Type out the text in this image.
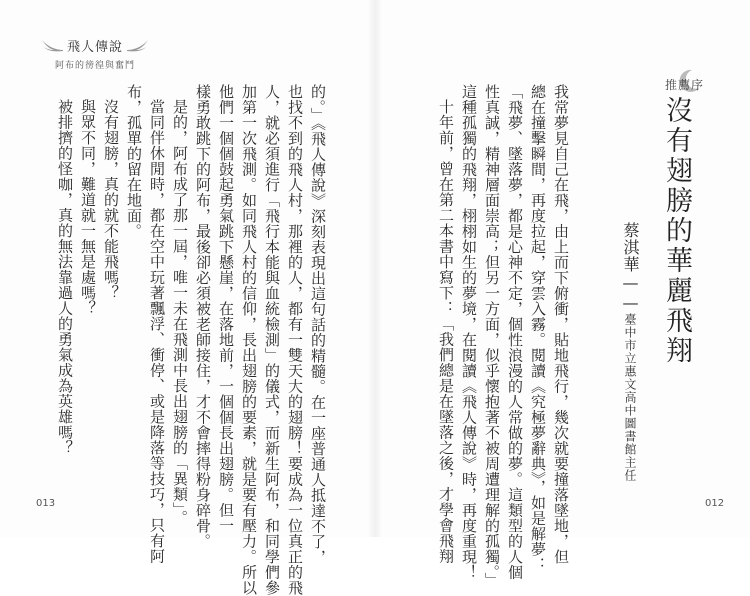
飛人傳說
阿布的徬徨與奮鬥
的。」《飛人傳說》深刻表現出這句話的精髓。在一座普通人抵達不了，
也找不到的飛人村，那裡的人，都有一雙天大的翅膀！要成為一位真正的飛
人，就必須進行「飛行本能與血統檢測」的儀式，而新生阿布，和同學們參
加第一次飛測。如同飛人村的信仰，長出翅膀的要素，就是要有壓力。所以
他們一個個鼓起勇氣跳下懸崖，在落地前，一個個長出翅膀。但一
樣勇敢跳下的阿布，最後卻必須被老師接住，才不會摔得粉身碎骨。
是的，阿布成了那一屆，唯一未在飛測中長出翅膀的「異類」。
當同伴休閒時，都在空中玩著飄浮、衝停、或是降落等技巧，只有阿
布，孤單的留在地面。
沒有翅膀，真的就不能飛嗎？
與眾不同，難道就一無是處嗎？
被排擠的怪咖，真的無法靠過人的勇氣成為英雄嗎？
013
推薦序
沒有翅膀的華麗飛翔
蔡淇華——臺中市立惠文高中圖書館主任
我常夢見自己在飛，由上而下俯衝，貼地飛行，幾次就要撞落墜地，但
總在撞擊瞬間，再度拉起，穿雲入霧。閱讀《究極夢辭典》，如是解夢：
「飛夢、墜落夢，都是心神不定，個性浪漫的人常做的夢。這類型的人個
性真誠，精神層面崇高；但另一方面，似乎懷抱著不被周遭理解的孤獨。」
這種孤獨的飛翔，栩栩如生的夢境，在閱讀《飛人傳說》時，再度重現！
十年前，曾在第二本書中寫下：「我們總是在墜落之後，才學會飛翔	012
